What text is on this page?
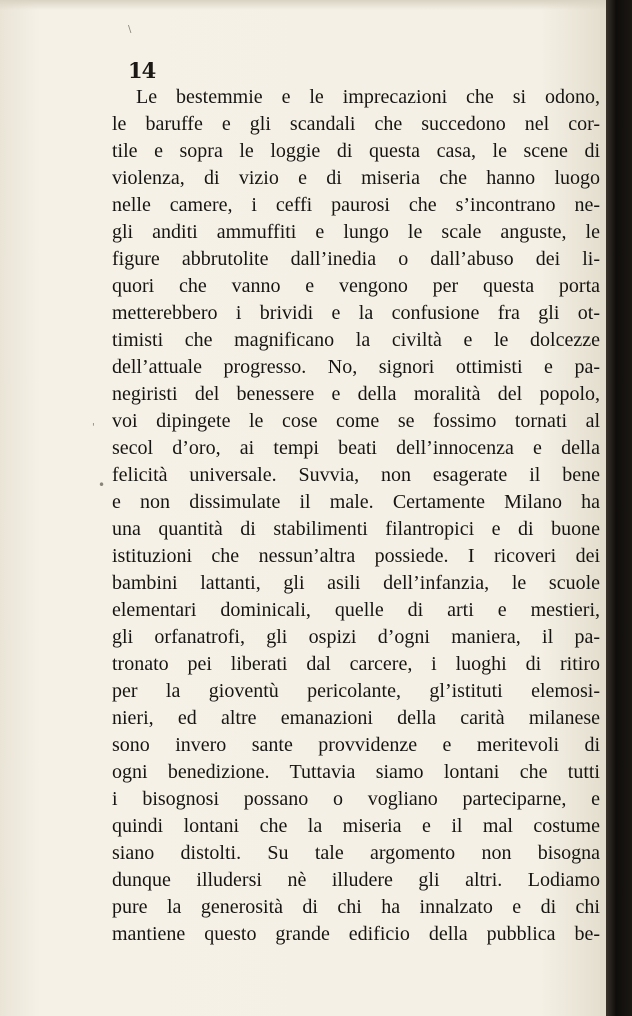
14
Le bestemmie e le imprecazioni che si odono,
le baruffe e gli scandali che succedono nel cor-
tile e sopra le loggie di questa casa, le scene di
violenza, di vizio e di miseria che hanno luogo
nelle camere, i ceffi paurosi che s’incontrano ne-
gli anditi ammuffiti e lungo le scale anguste, le
figure abbrutolite dall’inedia o dall’abuso dei li-
quori che vanno e vengono per questa porta
metterebbero i brividi e la confusione fra gli ot-
timisti che magnificano la civiltà e le dolcezze
dell’attuale progresso. No, signori ottimisti e pa-
negiristi del benessere e della moralità del popolo,
voi dipingete le cose come se fossimo tornati al
secol d’oro, ai tempi beati dell’innocenza e della
felicità universale. Suvvia, non esagerate il bene
e non dissimulate il male. Certamente Milano ha
una quantità di stabilimenti filantropici e di buone
istituzioni che nessun’altra possiede. I ricoveri dei
bambini lattanti, gli asili dell’infanzia, le scuole
elementari dominicali, quelle di arti e mestieri,
gli orfanatrofi, gli ospizi d’ogni maniera, il pa-
tronato pei liberati dal carcere, i luoghi di ritiro
per la gioventù pericolante, gl’istituti elemosi-
nieri, ed altre emanazioni della carità milanese
sono invero sante provvidenze e meritevoli di
ogni benedizione. Tuttavia siamo lontani che tutti
i bisognosi possano o vogliano parteciparne, e
quindi lontani che la miseria e il mal costume
siano distolti. Su tale argomento non bisogna
dunque illudersi nè illudere gli altri. Lodiamo
pure la generosità di chi ha innalzato e di chi
mantiene questo grande edificio della pubblica be-
•
'
\
